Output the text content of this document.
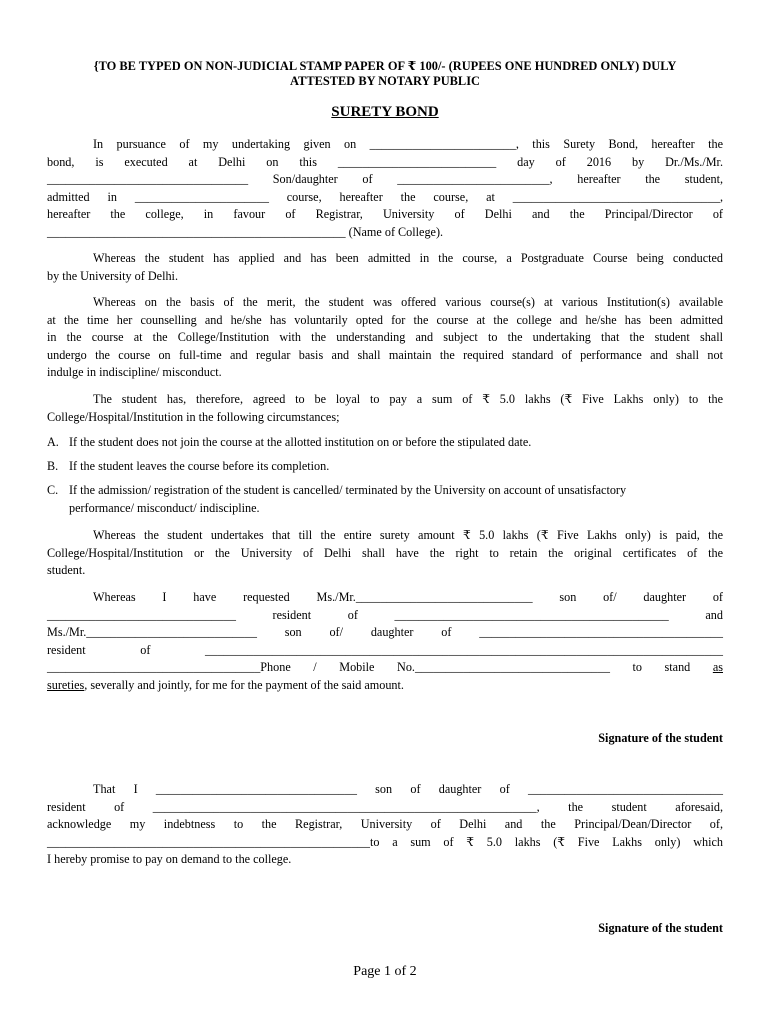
{TO BE TYPED ON NON-JUDICIAL STAMP PAPER OF ₹ 100/- (RUPEES ONE HUNDRED ONLY) DULY
ATTESTED BY NOTARY PUBLIC
SURETY BOND
In pursuance of my undertaking given on ________________________, this Surety Bond, hereafter the
bond, is executed at Delhi on this __________________________ day of 2016 by Dr./Ms./Mr.
_________________________________ Son/daughter of _________________________, hereafter the student,
admitted in ______________________ course, hereafter the course, at __________________________________,
hereafter the college, in favour of Registrar, University of Delhi and the Principal/Director of
_________________________________________________ (Name of College).
Whereas the student has applied and has been admitted in the course, a Postgraduate Course being conducted
by the University of Delhi.
Whereas on the basis of the merit, the student was offered various course(s) at various Institution(s) available
at the time her counselling and he/she has voluntarily opted for the course at the college and he/she has been admitted
in the course at the College/Institution with the understanding and subject to the undertaking that the student shall
undergo the course on full-time and regular basis and shall maintain the required standard of performance and shall not
indulge in indiscipline/ misconduct.
The student has, therefore, agreed to be loyal to pay a sum of ₹ 5.0 lakhs (₹ Five Lakhs only) to the
College/Hospital/Institution in the following circumstances;
A. If the student does not join the course at the allotted institution on or before the stipulated date.
B. If the student leaves the course before its completion.
C. If the admission/ registration of the student is cancelled/ terminated by the University on account of unsatisfactory
performance/ misconduct/ indiscipline.
Whereas the student undertakes that till the entire surety amount ₹ 5.0 lakhs (₹ Five Lakhs only) is paid, the
College/Hospital/Institution or the University of Delhi shall have the right to retain the original certificates of the
student.
Whereas I have requested Ms./Mr._____________________________ son of/ daughter of
_______________________________ resident of _____________________________________________ and
Ms./Mr.____________________________ son of/ daughter of ________________________________________
resident of _____________________________________________________________________________________
___________________________________Phone / Mobile No.________________________________ to stand as
sureties, severally and jointly, for me for the payment of the said amount.
Signature of the student
That I _________________________________ son of daughter of ________________________________
resident of _______________________________________________________________, the student aforesaid,
acknowledge my indebtness to the Registrar, University of Delhi and the Principal/Dean/Director of,
_____________________________________________________to a sum of ₹ 5.0 lakhs (₹ Five Lakhs only) which
I hereby promise to pay on demand to the college.
Signature of the student
Page 1 of 2
